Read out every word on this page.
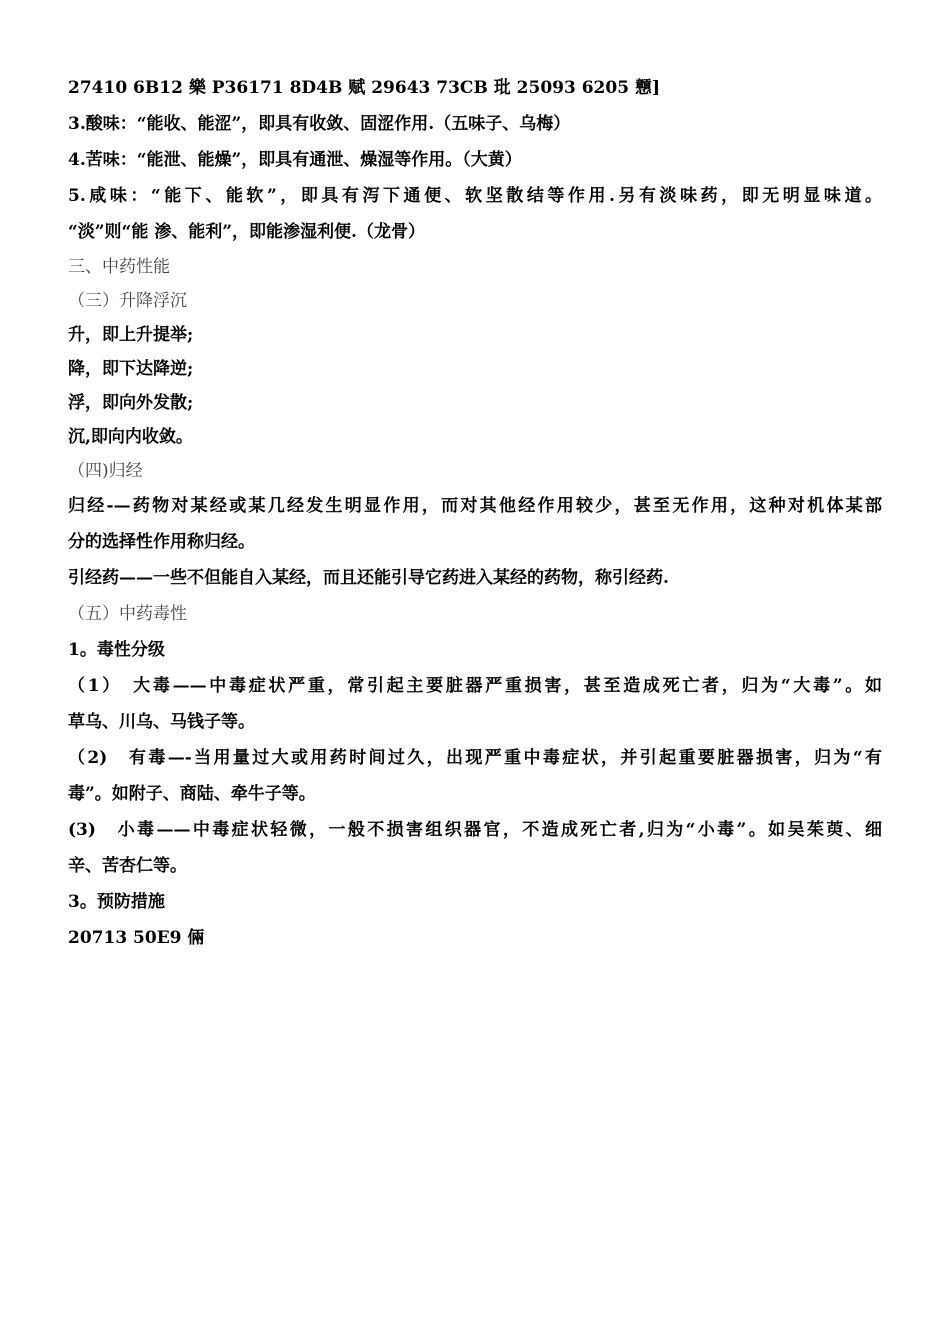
27410 6B12 樂 P36171 8D4B 赋 29643 73CB 玭 25093 6205 戅]

3.酸味：“能收、能涩”，即具有收敛、固涩作用.（五味子、乌梅）

4.苦味：“能泄、能燥”，即具有通泄、燥湿等作用。（大黄）

5.咸味：“能下、能软”，即具有泻下通便、软坚散结等作用.另有淡味药，即无明显味道。

“淡”则“能 渗、能利”，即能渗湿利便.（龙骨）

三、中药性能

（三）升降浮沉

升，即上升提举;

降，即下达降逆;

浮，即向外发散;

沉,即向内收敛。

（四)归经

归经-—药物对某经或某几经发生明显作用，而对其他经作用较少，甚至无作用，这种对机体某部

分的选择性作用称归经。

引经药——一些不但能自入某经，而且还能引导它药进入某经的药物，称引经药.

（五）中药毒性

1。毒性分级

（1）　大毒——中毒症状严重，常引起主要脏器严重损害，甚至造成死亡者，归为“大毒”。如

草乌、川乌、马钱子等。

（2)　有毒—-当用量过大或用药时间过久，出现严重中毒症状，并引起重要脏器损害，归为“有

毒”。如附子、商陆、牵牛子等。

(3)　小毒——中毒症状轻微，一般不损害组织器官，不造成死亡者,归为“小毒”。如吴茱萸、细

辛、苦杏仁等。

3。预防措施

20713 50E9 倆
